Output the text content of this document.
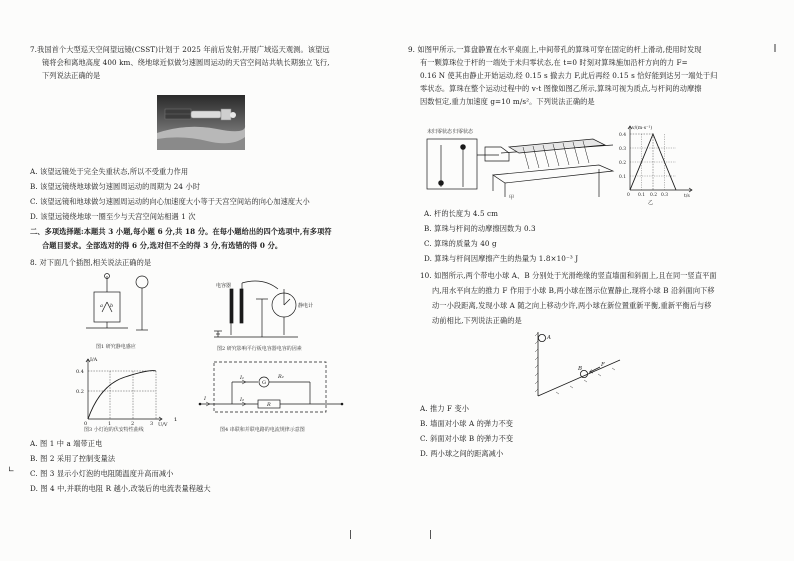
7.我国首个大型巡天空间望远镜(CSST)计划于 2025 年前后发射,开展广域巡天观测。该望远
镜将会和离地高度 400 km、绕地球近似做匀速圆周运动的天宫空间站共轨长期独立飞行,
下列说法正确的是
A. 该望远镜处于完全失重状态,所以不受重力作用
B. 该望远镜绕地球做匀速圆周运动的周期为 24 小时
C. 该望远镜和地球做匀速圆周运动的向心加速度大小等于天宫空间站的向心加速度大小
D. 该望远镜绕地球一圈至少与天宫空间站相遇 1 次
二、多项选择题:本题共 3 小题,每小题 6 分,共 18 分。在每小题给出的四个选项中,有多项符
合题目要求。全部选对的得 6 分,选对但不全的得 3 分,有选错的得 0 分。
8. 对下面几个插图,相关说法正确的是
a b
图1 研究静电感应
电容器
静电计
图2 研究影响平行板电容器电容的因素
I/A
U/V
0.4
0.2
0	1	2	3
图3 小灯泡的伏安特性曲线
₁
I
I₁
I₂
R₂
R
G
图4 串联和并联电路的电流规律示意图
A. 图 1 中 a 端带正电
B. 图 2 采用了控制变量法
∟ C. 图 3 显示小灯泡的电阻随温度升高而减小
D. 图 4 中,并联的电阻 R 越小,改装后的电流表量程越大
9. 如图甲所示,一算盘静置在水平桌面上,中间带孔的算珠可穿在固定的杆上滑动,使用时发现
有一颗算珠位于杆的一端处于未归零状态,在 t=0 时刻对算珠施加沿杆方向的力 F=
0.16 N 使其由静止开始运动,经 0.15 s 撤去力 F,此后再经 0.15 s 恰好能到达另一端处于归
零状态。算珠在整个运动过程中的 v-t 图像如图乙所示,算珠可视为质点,与杆间的动摩擦
因数恒定,重力加速度 g=10 m/s²。下列说法正确的是
未归零状态 归零状态
甲
v/(m·s⁻¹)
t/s
0.4
0.3
0.2
0.1
0 0.1 0.2 0.3
乙
A. 杆的长度为 4.5 cm
B. 算珠与杆间的动摩擦因数为 0.3
C. 算珠的质量为 40 g
D. 算珠与杆间因摩擦产生的热量为 1.8×10⁻³ J
10. 如图所示,两个带电小球 A、B 分别处于光滑绝缘的竖直墙面和斜面上,且在同一竖直平面
内,用水平向左的推力 F 作用于小球 B,两小球在图示位置静止,现将小球 B 沿斜面向下移
动一小段距离,发现小球 A 随之向上移动少许,两小球在新位置重新平衡,重新平衡后与移
动前相比,下列说法正确的是
A
B
F
A. 推力 F 变小
B. 墙面对小球 A 的弹力不变
C. 斜面对小球 B 的弹力不变
D. 两小球之间的距离减小
